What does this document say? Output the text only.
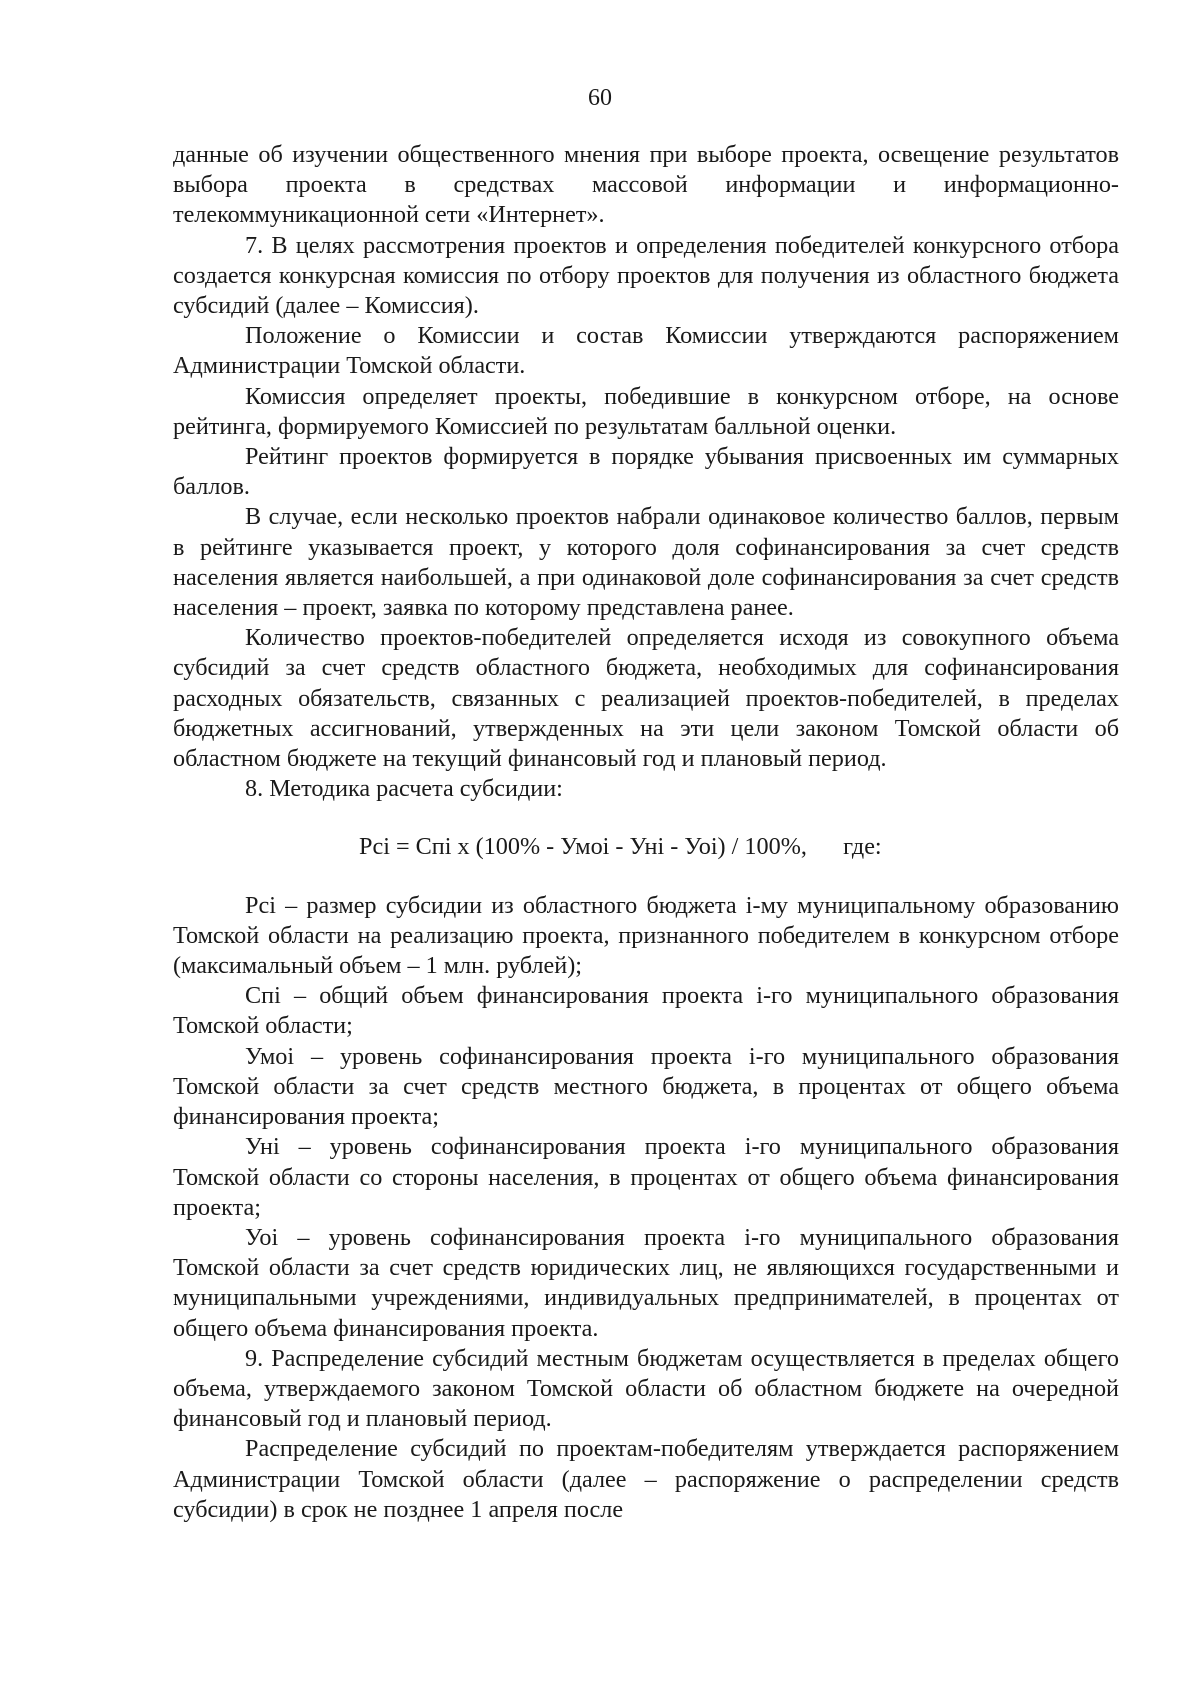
60

данные об изучении общественного мнения при выборе проекта, освещение результатов выбора проекта в средствах массовой информации и информационно-телекоммуникационной сети «Интернет».

7. В целях рассмотрения проектов и определения победителей конкурсного отбора создается конкурсная комиссия по отбору проектов для получения из областного бюджета субсидий (далее – Комиссия).

Положение о Комиссии и состав Комиссии утверждаются распоряжением Администрации Томской области.

Комиссия определяет проекты, победившие в конкурсном отборе, на основе рейтинга, формируемого Комиссией по результатам балльной оценки.

Рейтинг проектов формируется в порядке убывания присвоенных им суммарных баллов.

В случае, если несколько проектов набрали одинаковое количество баллов, первым в рейтинге указывается проект, у которого доля софинансирования за счет средств населения является наибольшей, а при одинаковой доле софинансирования за счет средств населения – проект, заявка по которому представлена ранее.

Количество проектов-победителей определяется исходя из совокупного объема субсидий за счет средств областного бюджета, необходимых для софинансирования расходных обязательств, связанных с реализацией проектов-победителей, в пределах бюджетных ассигнований, утвержденных на эти цели законом Томской области об областном бюджете на текущий финансовый год и плановый период.

8. Методика расчета субсидии:

Рсi = Cпi x (100% - Умоi - Унi - Уоi) / 100%,      где:

Рсi – размер субсидии из областного бюджета i-му муниципальному образованию Томской области на реализацию проекта, признанного победителем в конкурсном отборе (максимальный объем – 1 млн. рублей);

Спi – общий объем финансирования проекта i-го муниципального образования Томской области;

Умоi – уровень софинансирования проекта i-го муниципального образования Томской области за счет средств местного бюджета, в процентах от общего объема финансирования проекта;

Унi – уровень софинансирования проекта i-го муниципального образования Томской области со стороны населения, в процентах от общего объема финансирования проекта;

Уоi – уровень софинансирования проекта i-го муниципального образования Томской области за счет средств юридических лиц, не являющихся государственными и муниципальными учреждениями, индивидуальных предпринимателей, в процентах от общего объема финансирования проекта.

9. Распределение субсидий местным бюджетам осуществляется в пределах общего объема, утверждаемого законом Томской области об областном бюджете на очередной финансовый год и плановый период.

Распределение субсидий по проектам-победителям утверждается распоряжением Администрации Томской области (далее – распоряжение о распределении средств субсидии) в срок не позднее 1 апреля после
